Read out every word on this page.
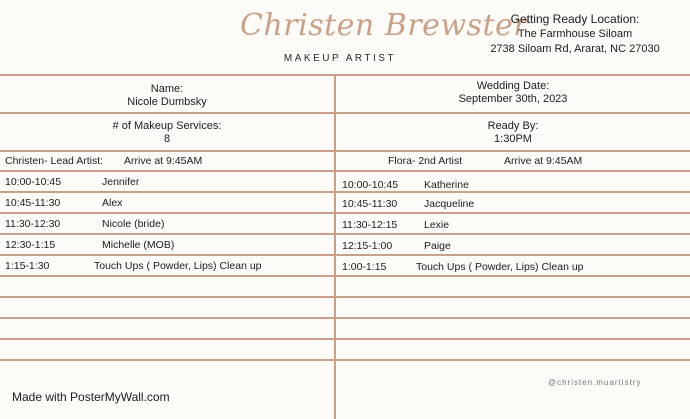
Christen Brewster
MAKEUP ARTIST
Getting Ready Location:
The Farmhouse Siloam
2738 Siloam Rd, Ararat, NC 27030
Name:
Nicole Dumbsky
# of Makeup Services:
8
Wedding Date:
September 30th, 2023
Ready By:
1:30PM
Christen- Lead Artist: Arrive at 9:45AM	Flora- 2nd Artist	Arrive at 9:45AM
10:00-10:45	Jennifer
10:45-11:30	Alex
11:30-12:30	Nicole (bride)
12:30-1:15	Michelle (MOB)
1:15-1:30	Touch Ups ( Powder, Lips) Clean up
10:00-10:45 Katherine
10:45-11:30	Jacqueline
11:30-12:15	Lexie
12:15-1:00	Paige
1:00-1:15	Touch Ups ( Powder, Lips) Clean up
@christen.muartistry
Made with PosterMyWall.com
